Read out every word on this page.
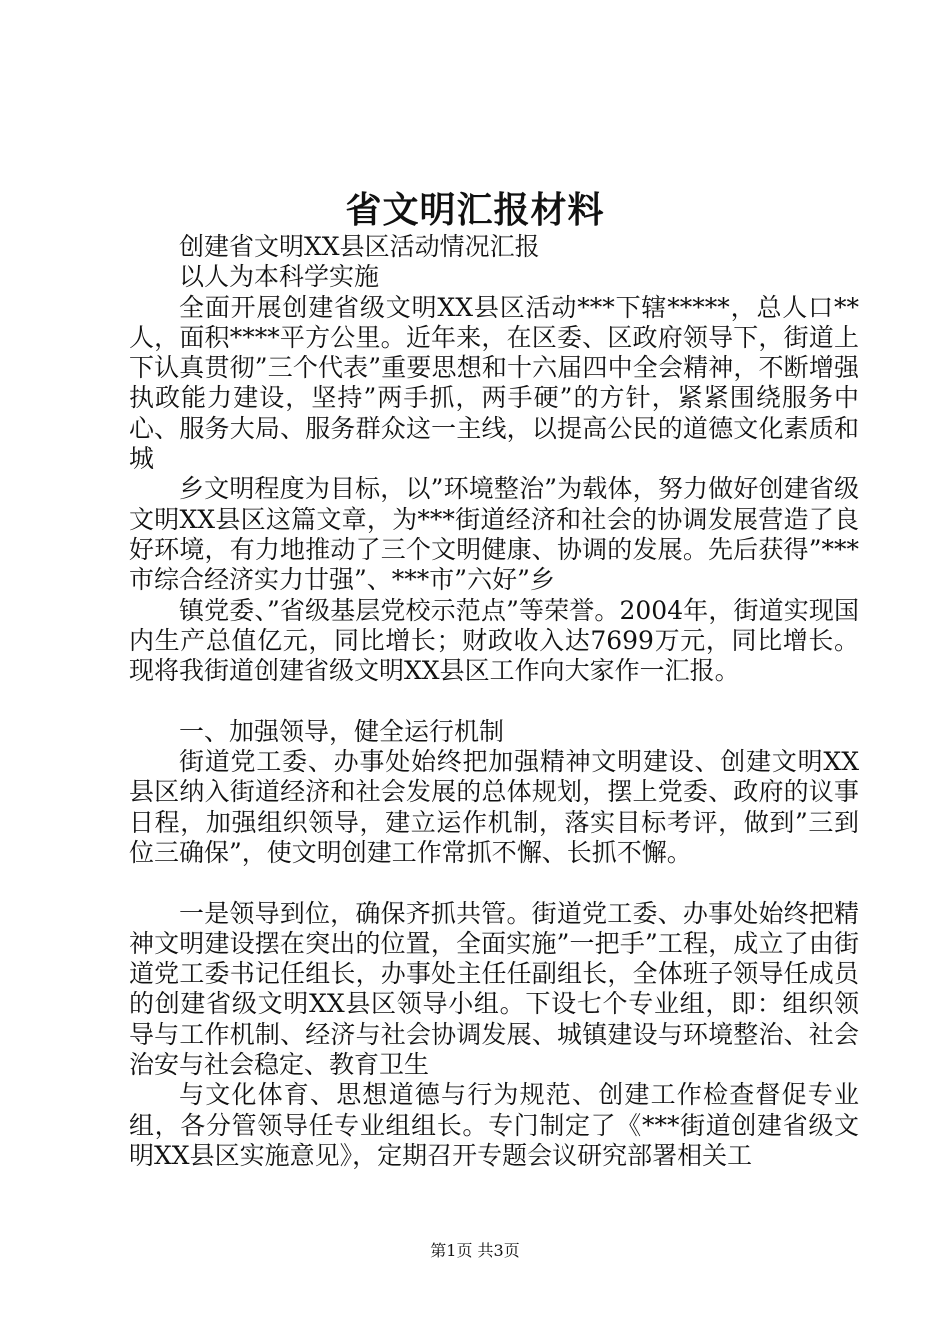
省文明汇报材料

创建省文明XX县区活动情况汇报

以人为本科学实施

全面开展创建省级文明XX县区活动***下辖*****，总人口**人，面积****平方公里。近年来，在区委、区政府领导下，街道上下认真贯彻”三个代表”重要思想和十六届四中全会精神，不断增强执政能力建设，坚持”两手抓，两手硬”的方针，紧紧围绕服务中心、服务大局、服务群众这一主线，以提高公民的道德文化素质和城

乡文明程度为目标，以”环境整治”为载体，努力做好创建省级文明XX县区这篇文章，为***街道经济和社会的协调发展营造了良好环境，有力地推动了三个文明健康、协调的发展。先后获得”***市综合经济实力廿强”、***市”六好”乡

镇党委、”省级基层党校示范点”等荣誉。2004年，街道实现国内生产总值亿元，同比增长；财政收入达7699万元，同比增长。现将我街道创建省级文明XX县区工作向大家作一汇报。

一、加强领导，健全运行机制

街道党工委、办事处始终把加强精神文明建设、创建文明XX县区纳入街道经济和社会发展的总体规划，摆上党委、政府的议事日程，加强组织领导，建立运作机制，落实目标考评，做到”三到位三确保”，使文明创建工作常抓不懈、长抓不懈。

一是领导到位，确保齐抓共管。街道党工委、办事处始终把精神文明建设摆在突出的位置，全面实施”一把手”工程，成立了由街道党工委书记任组长，办事处主任任副组长，全体班子领导任成员的创建省级文明XX县区领导小组。下设七个专业组，即：组织领导与工作机制、经济与社会协调发展、城镇建设与环境整治、社会治安与社会稳定、教育卫生

与文化体育、思想道德与行为规范、创建工作检查督促专业组，各分管领导任专业组组长。专门制定了《***街道创建省级文明XX县区实施意见》，定期召开专题会议研究部署相关工

第1页 共3页
